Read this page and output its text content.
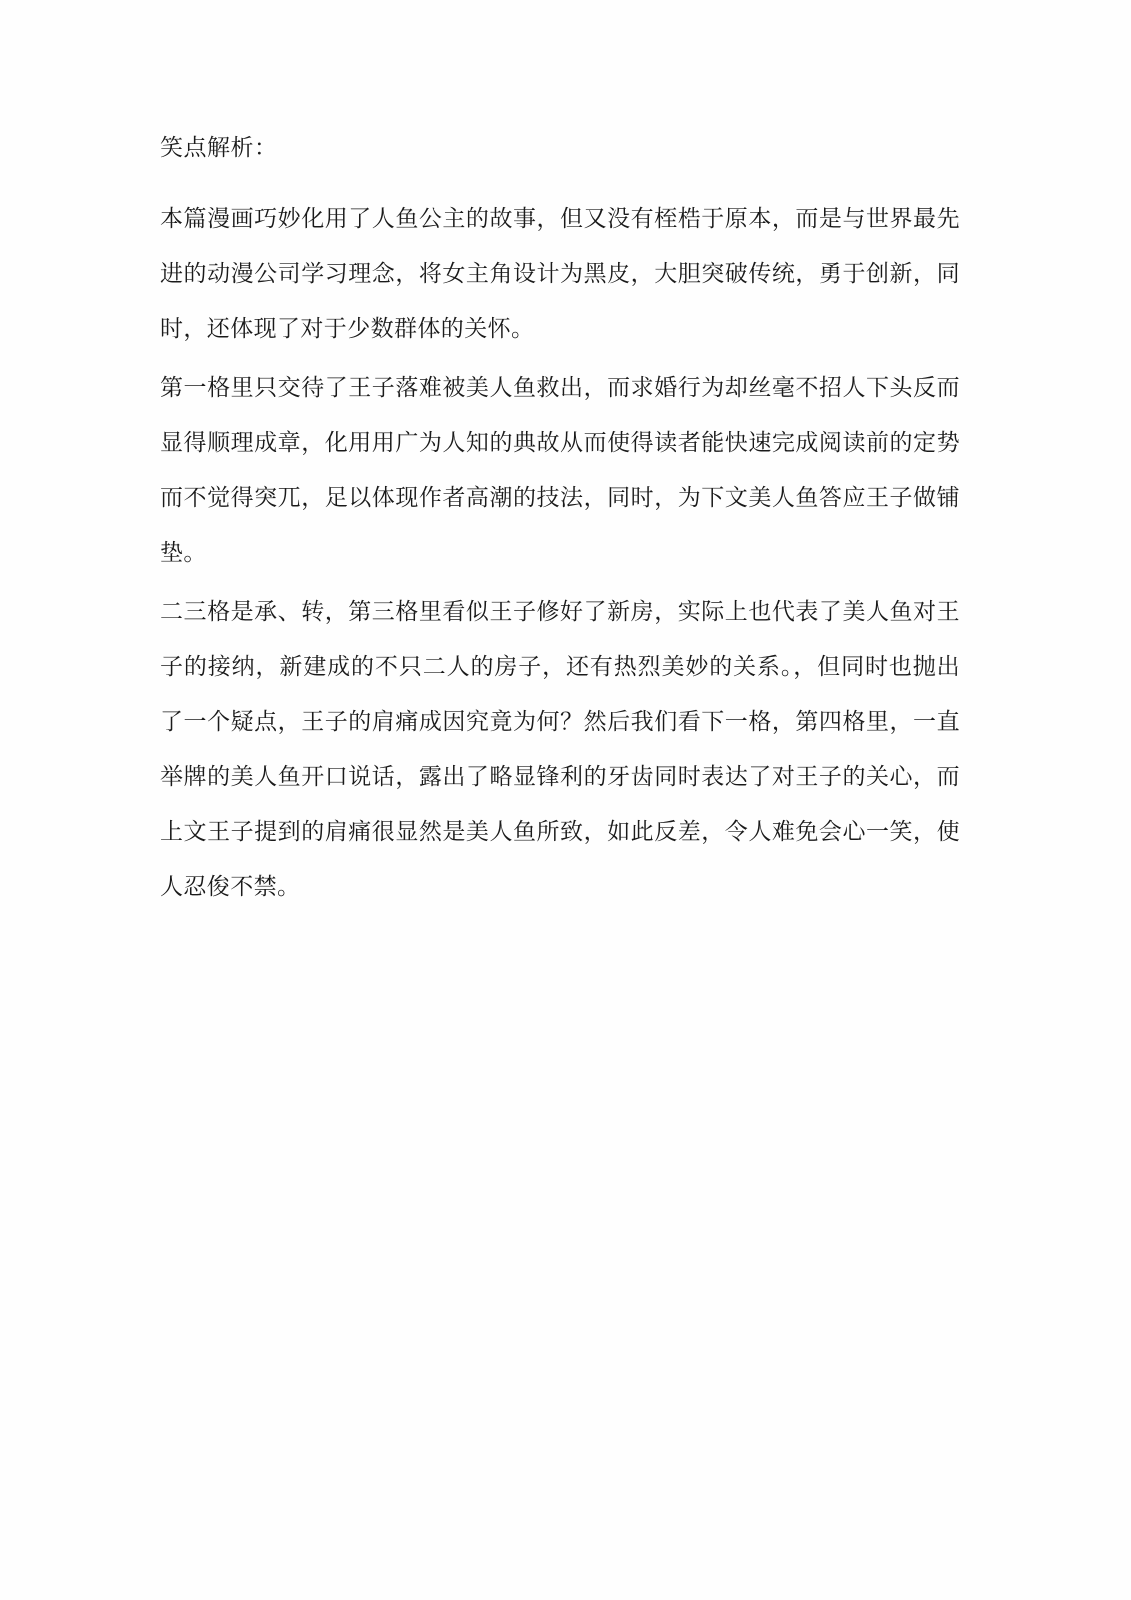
笑点解析：

本篇漫画巧妙化用了人鱼公主的故事，但又没有桎梏于原本，而是与世界最先进的动漫公司学习理念，将女主角设计为黑皮，大胆突破传统，勇于创新，同时，还体现了对于少数群体的关怀。

第一格里只交待了王子落难被美人鱼救出，而求婚行为却丝毫不招人下头反而显得顺理成章，化用用广为人知的典故从而使得读者能快速完成阅读前的定势而不觉得突兀，足以体现作者高潮的技法，同时，为下文美人鱼答应王子做铺垫。

二三格是承、转，第三格里看似王子修好了新房，实际上也代表了美人鱼对王子的接纳，新建成的不只二人的房子，还有热烈美妙的关系。，但同时也抛出了一个疑点，王子的肩痛成因究竟为何？然后我们看下一格，第四格里，一直举牌的美人鱼开口说话，露出了略显锋利的牙齿同时表达了对王子的关心，而上文王子提到的肩痛很显然是美人鱼所致，如此反差，令人难免会心一笑，使人忍俊不禁。
